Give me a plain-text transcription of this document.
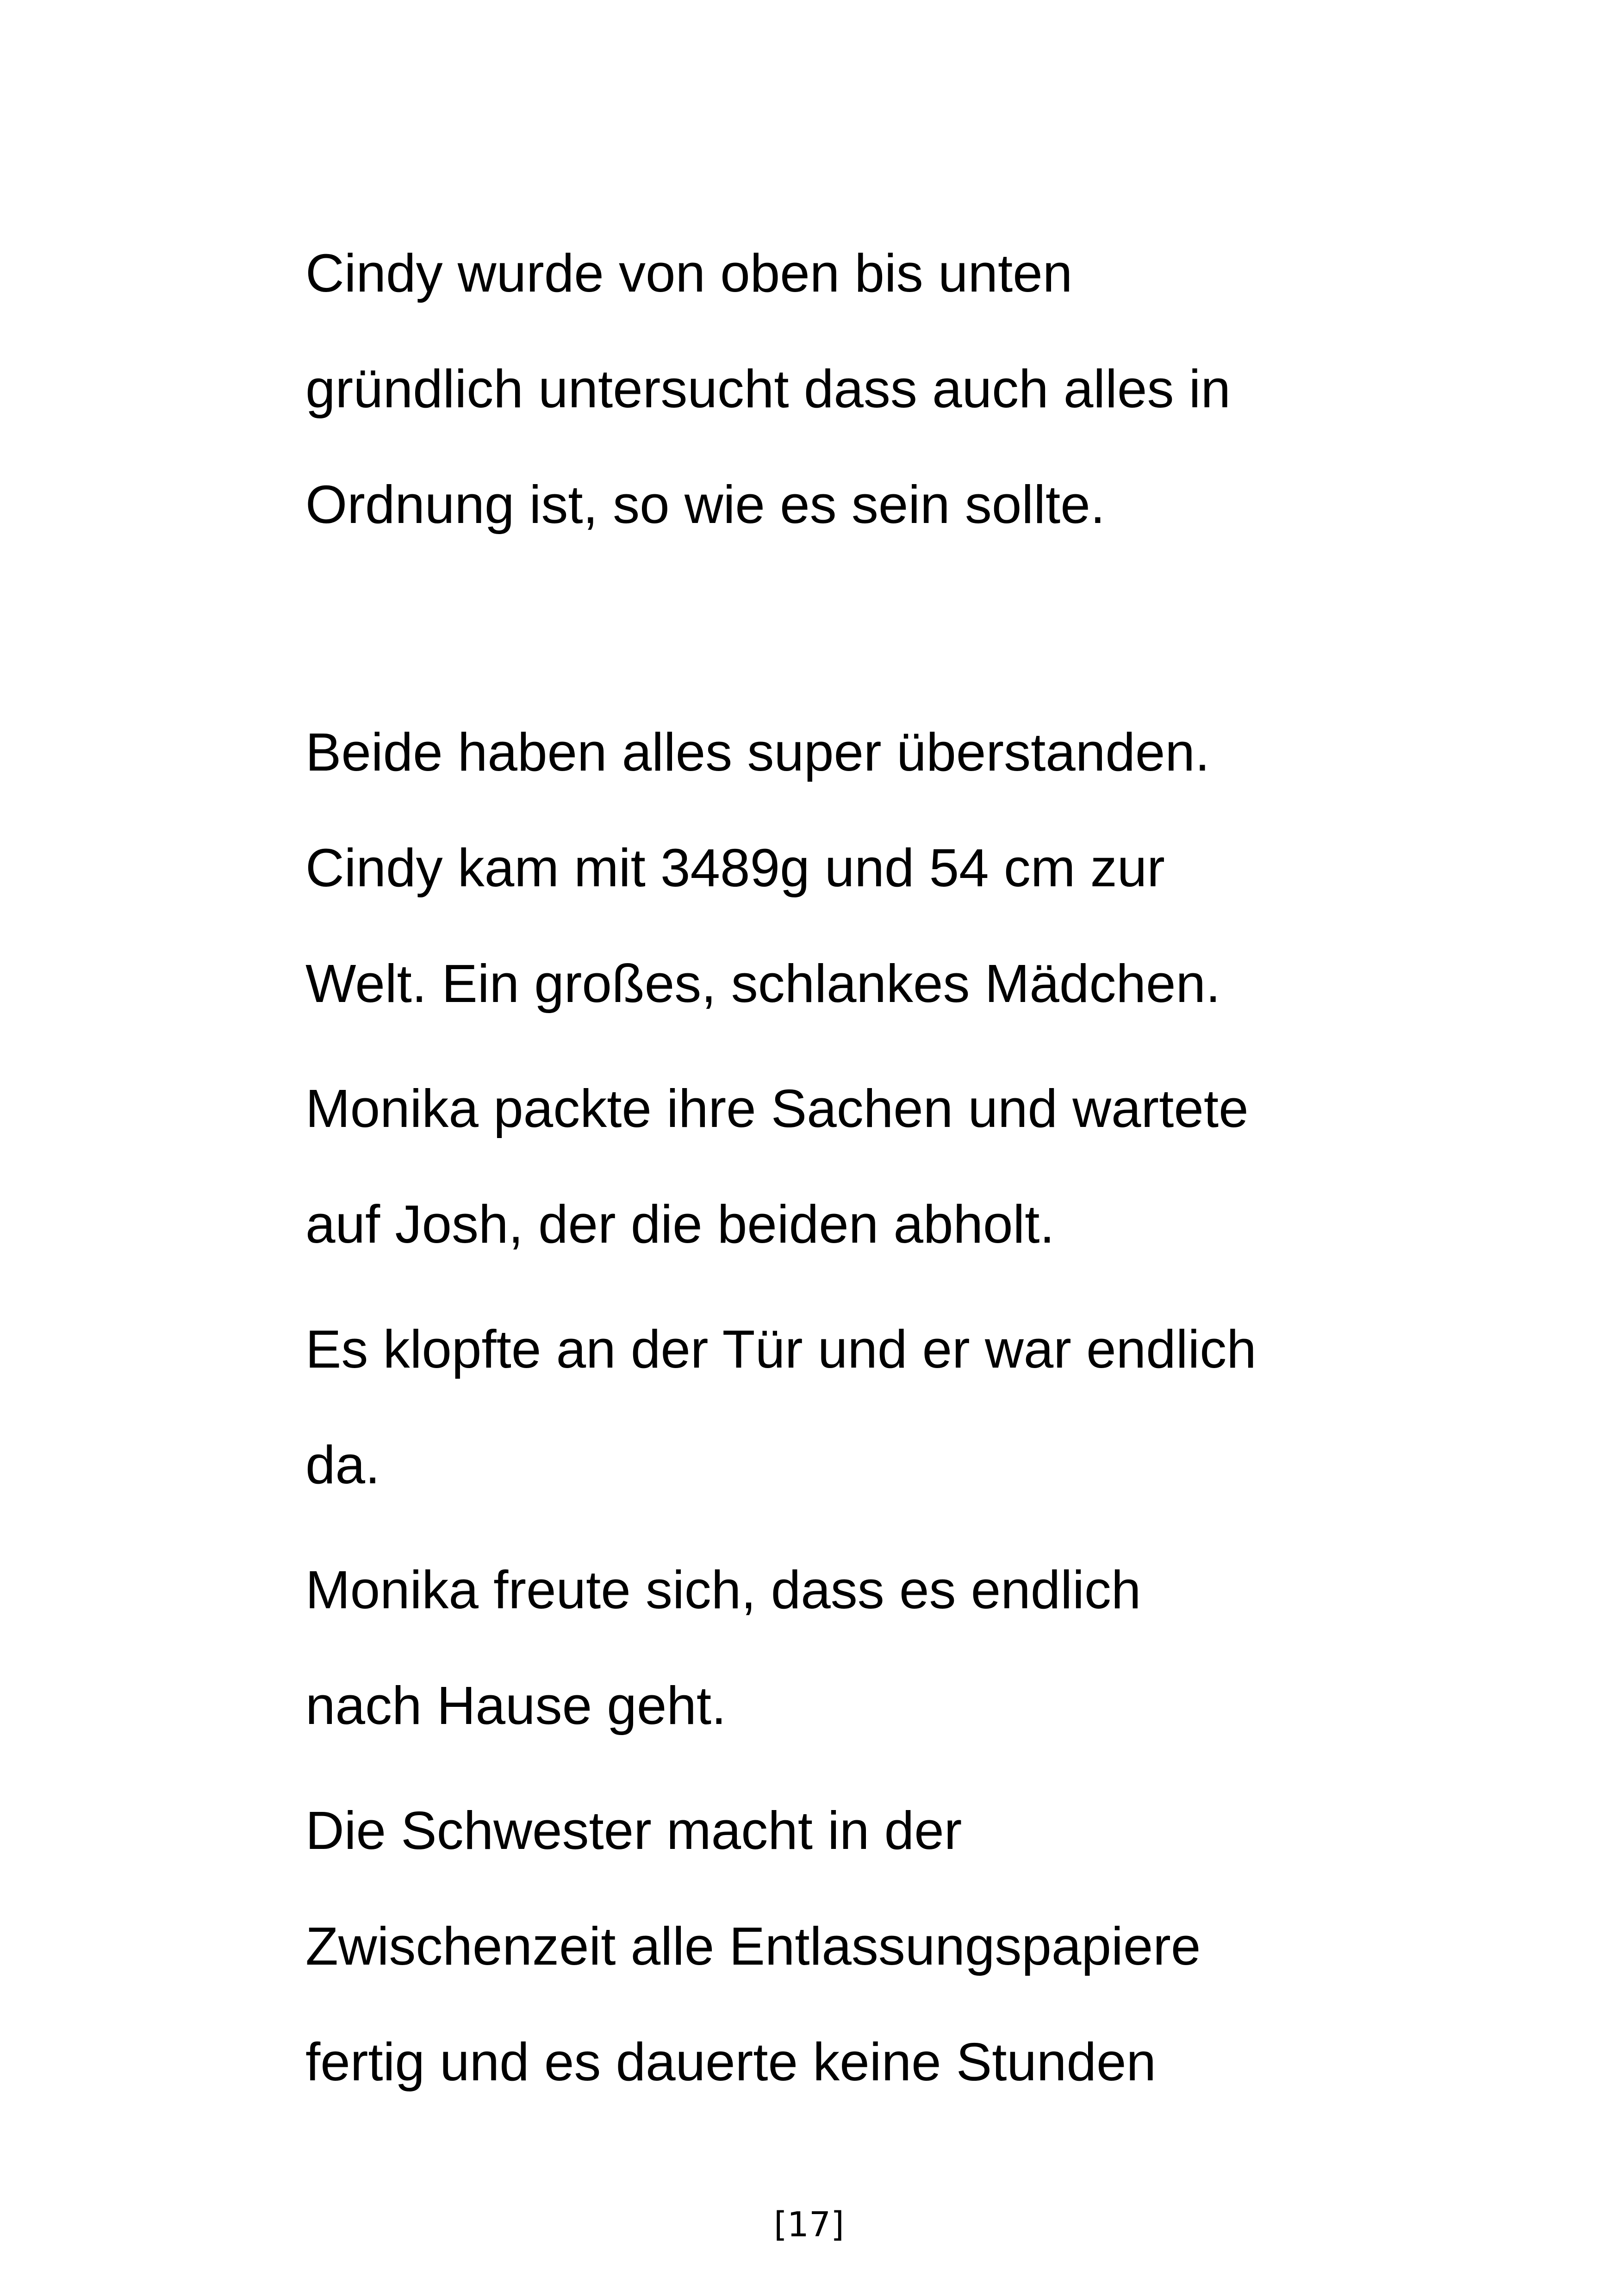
Cindy wurde von oben bis unten

gründlich untersucht dass auch alles in

Ordnung ist, so wie es sein sollte.

Beide haben alles super überstanden.

Cindy kam mit 3489g und 54 cm zur

Welt. Ein großes, schlankes Mädchen.

Monika packte ihre Sachen und wartete

auf Josh, der die beiden abholt.

Es klopfte an der Tür und er war endlich

da.

Monika freute sich, dass es endlich

nach Hause geht.

Die Schwester macht in der

Zwischenzeit alle Entlassungspapiere

fertig und es dauerte keine Stunden

[17]
